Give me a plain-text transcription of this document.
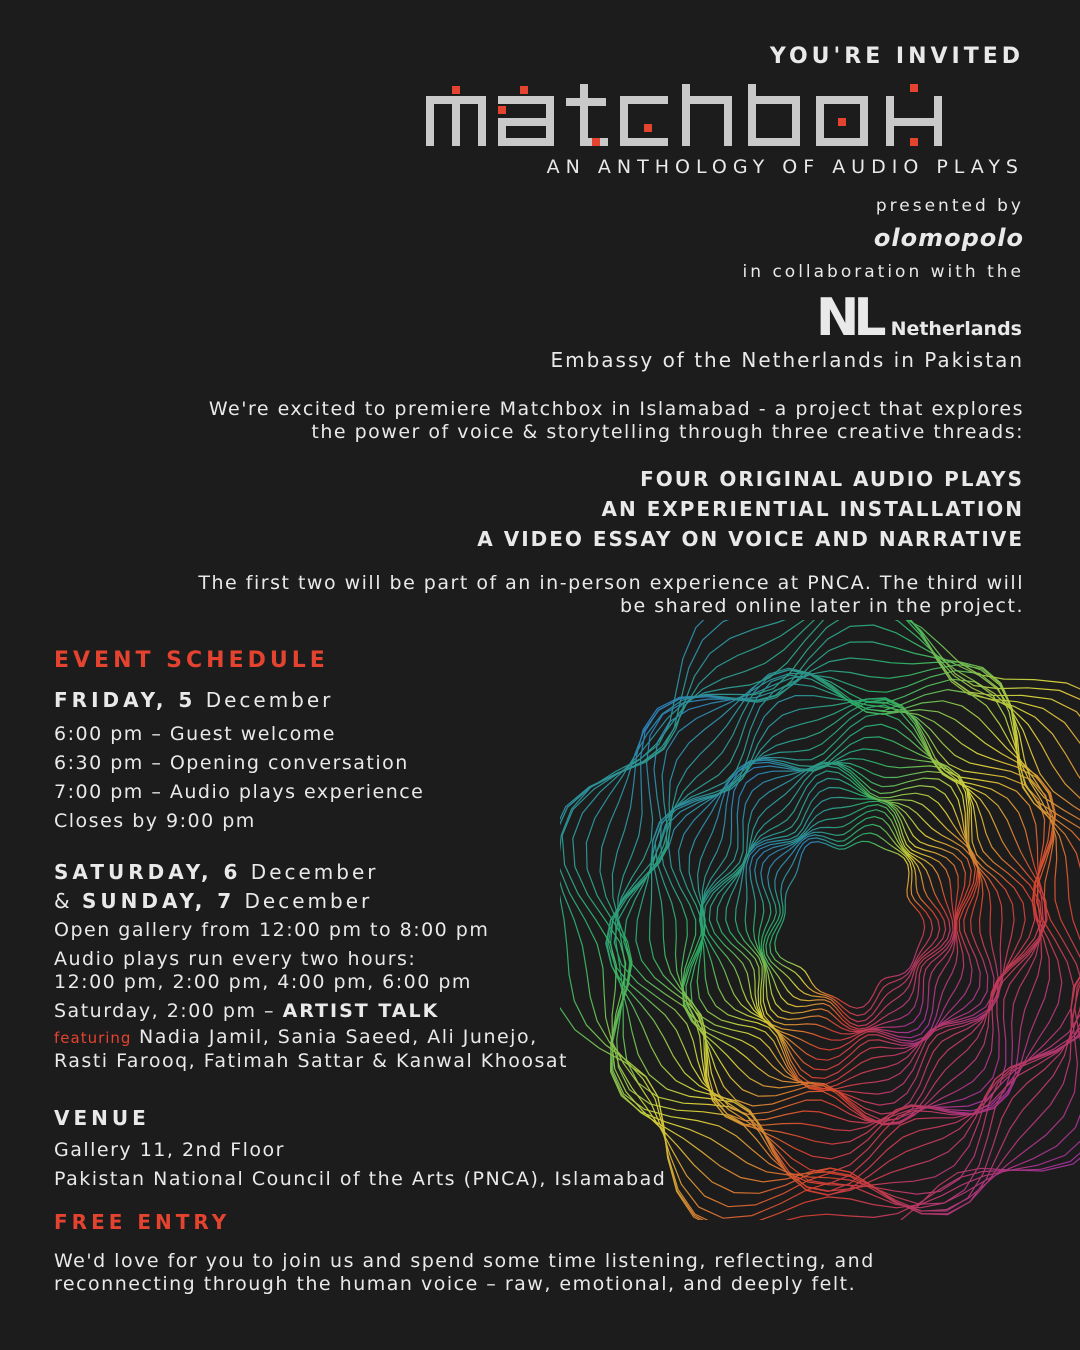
YOU'RE INVITED
AN ANTHOLOGY OF AUDIO PLAYS
presented by
olomopolo
in collaboration with the
NL Netherlands
Embassy of the Netherlands in Pakistan
We're excited to premiere Matchbox in Islamabad - a project that explores
the power of voice & storytelling through three creative threads:
FOUR ORIGINAL AUDIO PLAYS
AN EXPERIENTIAL INSTALLATION
A VIDEO ESSAY ON VOICE AND NARRATIVE
The first two will be part of an in-person experience at PNCA. The third will
be shared online later in the project.
EVENT SCHEDULE
FRIDAY, 5 December
6:00 pm – Guest welcome
6:30 pm – Opening conversation
7:00 pm – Audio plays experience
Closes by 9:00 pm
SATURDAY, 6 December
& SUNDAY, 7 December
Open gallery from 12:00 pm to 8:00 pm
Audio plays run every two hours:
12:00 pm, 2:00 pm, 4:00 pm, 6:00 pm
Saturday, 2:00 pm – ARTIST TALK
featuring Nadia Jamil, Sania Saeed, Ali Junejo,
Rasti Farooq, Fatimah Sattar & Kanwal Khoosat
VENUE
Gallery 11, 2nd Floor
Pakistan National Council of the Arts (PNCA), Islamabad
FREE ENTRY
We'd love for you to join us and spend some time listening, reflecting, and
reconnecting through the human voice – raw, emotional, and deeply felt.
